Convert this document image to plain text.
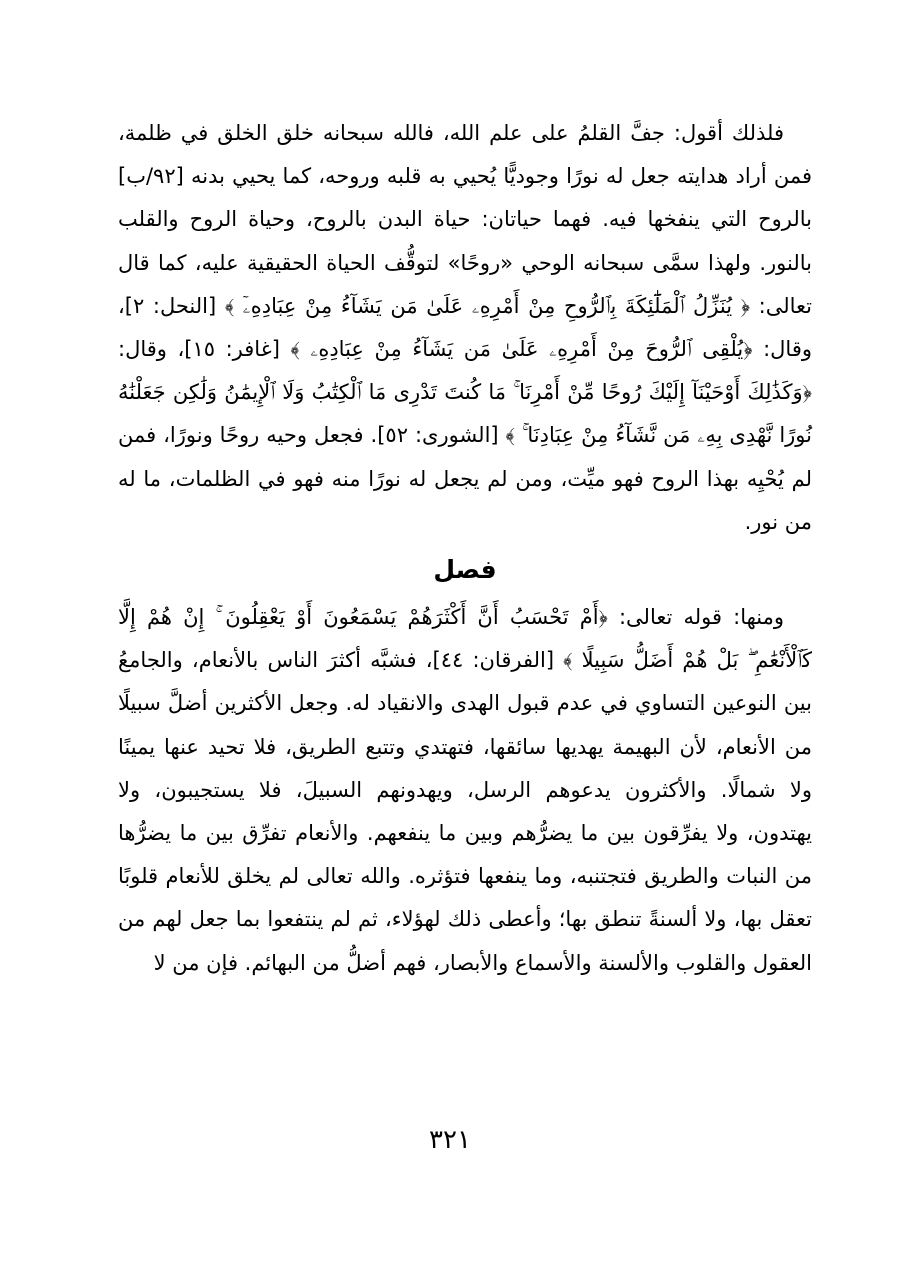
فلذلك أقول: جفَّ القلمُ على علم الله، فالله سبحانه خلق الخلق في ظلمة، فمن أراد هدايته جعل له نورًا وجوديًّا يُحيي به قلبه وروحه، كما يحيي بدنه [٩٢/ب] بالروح التي ينفخها فيه. فهما حياتان: حياة البدن بالروح، وحياة الروح والقلب بالنور. ولهذا سمَّى سبحانه الوحي «روحًا» لتوقُّف الحياة الحقيقية عليه، كما قال تعالى: ﴿ يُنَزِّلُ ٱلْمَلَٰٓئِكَةَ بِٱلرُّوحِ مِنْ أَمْرِهِۦ عَلَىٰ مَن يَشَآءُ مِنْ عِبَادِهِۦٓ ﴾ [النحل: ٢]، وقال: ﴿يُلْقِى ٱلرُّوحَ مِنْ أَمْرِهِۦ عَلَىٰ مَن يَشَآءُ مِنْ عِبَادِهِۦ ﴾ [غافر: ١٥]، وقال: ﴿وَكَذَٰلِكَ أَوْحَيْنَآ إِلَيْكَ رُوحًا مِّنْ أَمْرِنَا ۚ مَا كُنتَ تَدْرِى مَا ٱلْكِتَٰبُ وَلَا ٱلْإِيمَٰنُ وَلَٰكِن جَعَلْنَٰهُ نُورًا نَّهْدِى بِهِۦ مَن نَّشَآءُ مِنْ عِبَادِنَا ۚ ﴾ [الشورى: ٥٢]. فجعل وحيه روحًا ونورًا، فمن لم يُحْيِه بهذا الروح فهو ميِّت، ومن لم يجعل له نورًا منه فهو في الظلمات، ما له من نور.

فصل

ومنها: قوله تعالى: ﴿أَمْ تَحْسَبُ أَنَّ أَكْثَرَهُمْ يَسْمَعُونَ أَوْ يَعْقِلُونَ ۚ إِنْ هُمْ إِلَّا كَٱلْأَنْعَٰمِ ۖ بَلْ هُمْ أَضَلُّ سَبِيلًا ﴾ [الفرقان: ٤٤]، فشبَّه أكثرَ الناس بالأنعام، والجامعُ بين النوعين التساوي في عدم قبول الهدى والانقياد له. وجعل الأكثرين أضلَّ سبيلًا من الأنعام، لأن البهيمة يهديها سائقها، فتهتدي وتتبع الطريق، فلا تحيد عنها يمينًا ولا شمالًا. والأكثرون يدعوهم الرسل، ويهدونهم السبيلَ، فلا يستجيبون، ولا يهتدون، ولا يفرِّقون بين ما يضرُّهم وبين ما ينفعهم. والأنعام تفرِّق بين ما يضرُّها من النبات والطريق فتجتنبه، وما ينفعها فتؤثره. والله تعالى لم يخلق للأنعام قلوبًا تعقل بها، ولا ألسنةً تنطق بها؛ وأعطى ذلك لهؤلاء، ثم لم ينتفعوا بما جعل لهم من العقول والقلوب والألسنة والأسماع والأبصار، فهم أضلُّ من البهائم. فإن من لا

٣٢١
